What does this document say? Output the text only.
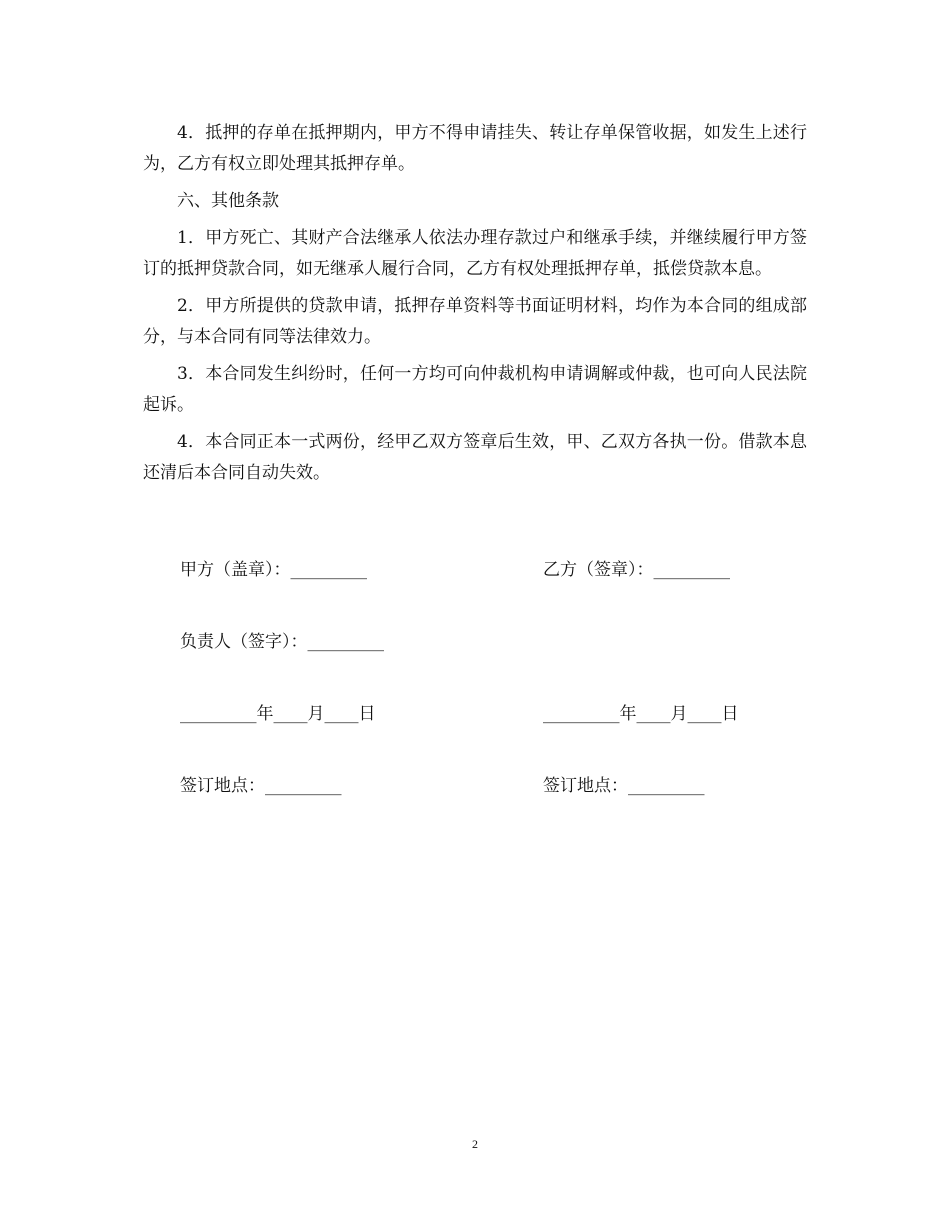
4．抵押的存单在抵押期内，甲方不得申请挂失、转让存单保管收据，如发生上述行为，乙方有权立即处理其抵押存单。

六、其他条款

1．甲方死亡、其财产合法继承人依法办理存款过户和继承手续，并继续履行甲方签订的抵押贷款合同，如无继承人履行合同，乙方有权处理抵押存单，抵偿贷款本息。

2．甲方所提供的贷款申请，抵押存单资料等书面证明材料，均作为本合同的组成部分，与本合同有同等法律效力。

3．本合同发生纠纷时，任何一方均可向仲裁机构申请调解或仲裁，也可向人民法院起诉。

4．本合同正本一式两份，经甲乙双方签章后生效，甲、乙双方各执一份。借款本息还清后本合同自动失效。

甲方（盖章）：_________	乙方（签章）：_________
负责人（签字）：_________
_________年____月____日	_________年____月____日
签订地点：_________	签订地点：_________
2
